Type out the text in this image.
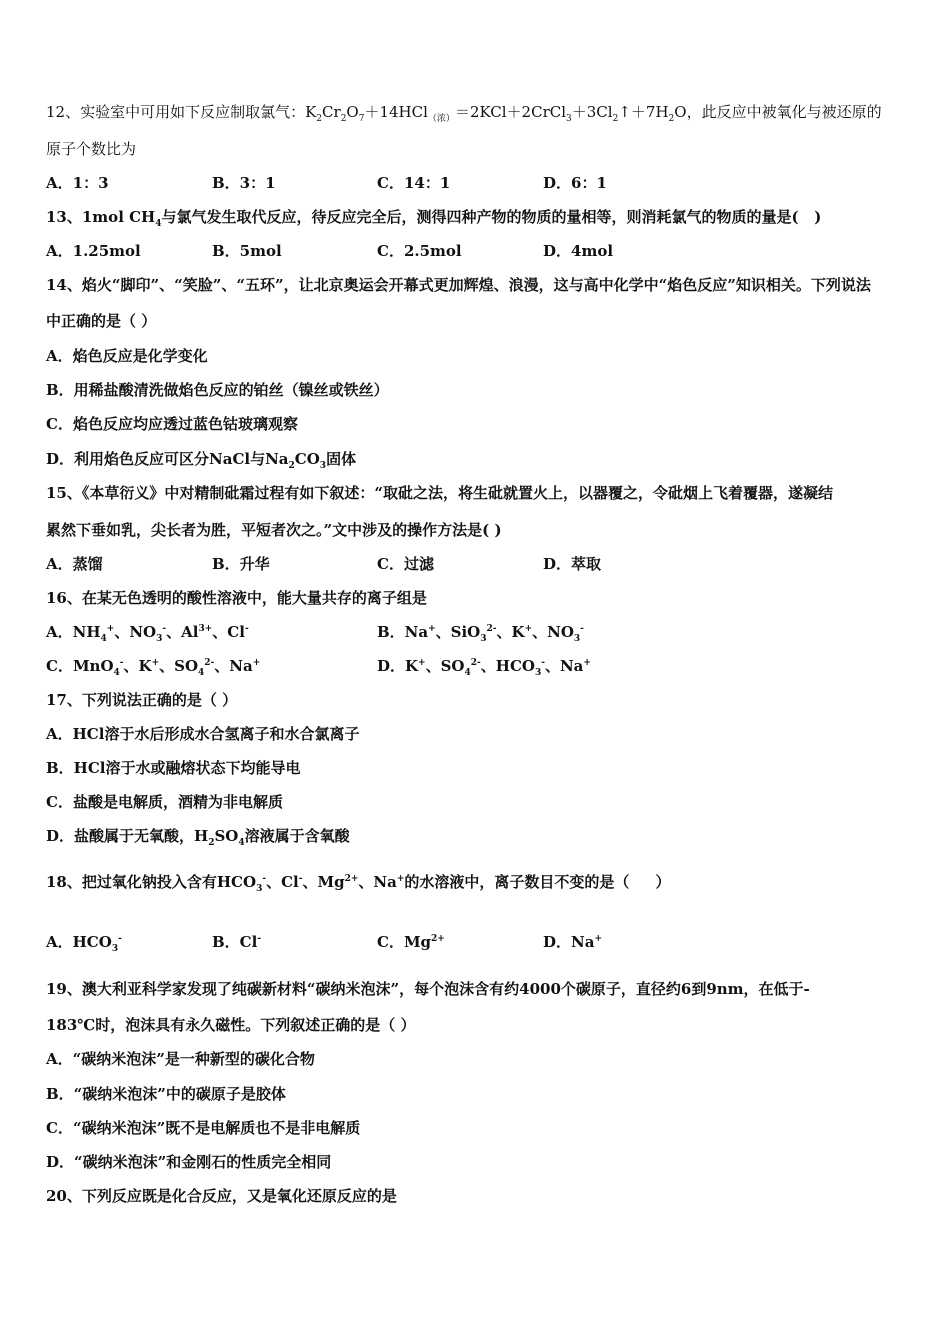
12、实验室中可用如下反应制取氯气：$K_2Cr_2O_7+14HCl_{(浓)}=2KCl+2CrCl_3+3Cl_2↑+7H_2O$，此反应中被氧化与被还原的
原子个数比为
A．1：3	B．3：1	C．14：1	D．6：1
13、1mol $CH_4$与氯气发生取代反应，待反应完全后，测得四种产物的物质的量相等，则消耗氯气的物质的量是(   )
A．1.25mol	B．5mol	C．2.5mol	D．4mol
14、焰火“脚印”、“笑脸”、“五环”，让北京奥运会开幕式更加辉煌、浪漫，这与高中化学中“焰色反应”知识相关。下列说法
中正确的是（ ）
A．焰色反应是化学变化
B．用稀盐酸清洗做焰色反应的铂丝（镍丝或铁丝）
C．焰色反应均应透过蓝色钴玻璃观察
D．利用焰色反应可区分NaCl与$Na_2CO_3$固体
15、《本草衍义》中对精制砒霜过程有如下叙述：“取砒之法，将生砒就置火上，以器覆之，令砒烟上飞着覆器，遂凝结
累然下垂如乳，尖长者为胜，平短者次之。”文中涉及的操作方法是( )
A．蒸馏	B．升华	C．过滤	D．萃取
16、在某无色透明的酸性溶液中，能大量共存的离子组是
A．$NH_4^+$、$NO_3^-$、$Al^{3+}$、Cl-	B．Na+、SiO$_3^{2-}$、K+、$NO_3^-$
C．MnO$_4$-、K+、$SO_4^{2-}$、Na+	D．K+、$SO_4^{2-}$、$HCO_3^-$、Na+
17、下列说法正确的是（ ）
A．HCl溶于水后形成水合氢离子和水合氯离子
B．HCl溶于水或融熔状态下均能导电
C．盐酸是电解质，酒精为非电解质
D．盐酸属于无氧酸，$H_2SO_4$溶液属于含氧酸
18、把过氧化钠投入含有$HCO_3^-$、Cl-、$Mg^{2+}$、Na+的水溶液中，离子数目不变的是（     ）
A．$HCO_3^-$	B．Cl-	C．$Mg^{2+}$	D．Na+
19、澳大利亚科学家发现了纯碳新材料“碳纳米泡沫”，每个泡沫含有约4000个碳原子，直径约6到9nm，在低于-
183℃时，泡沫具有永久磁性。下列叙述正确的是（ ）
A．“碳纳米泡沫”是一种新型的碳化合物
B．“碳纳米泡沫”中的碳原子是胶体
C．“碳纳米泡沫”既不是电解质也不是非电解质
D．“碳纳米泡沫”和金刚石的性质完全相同
20、下列反应既是化合反应，又是氧化还原反应的是
